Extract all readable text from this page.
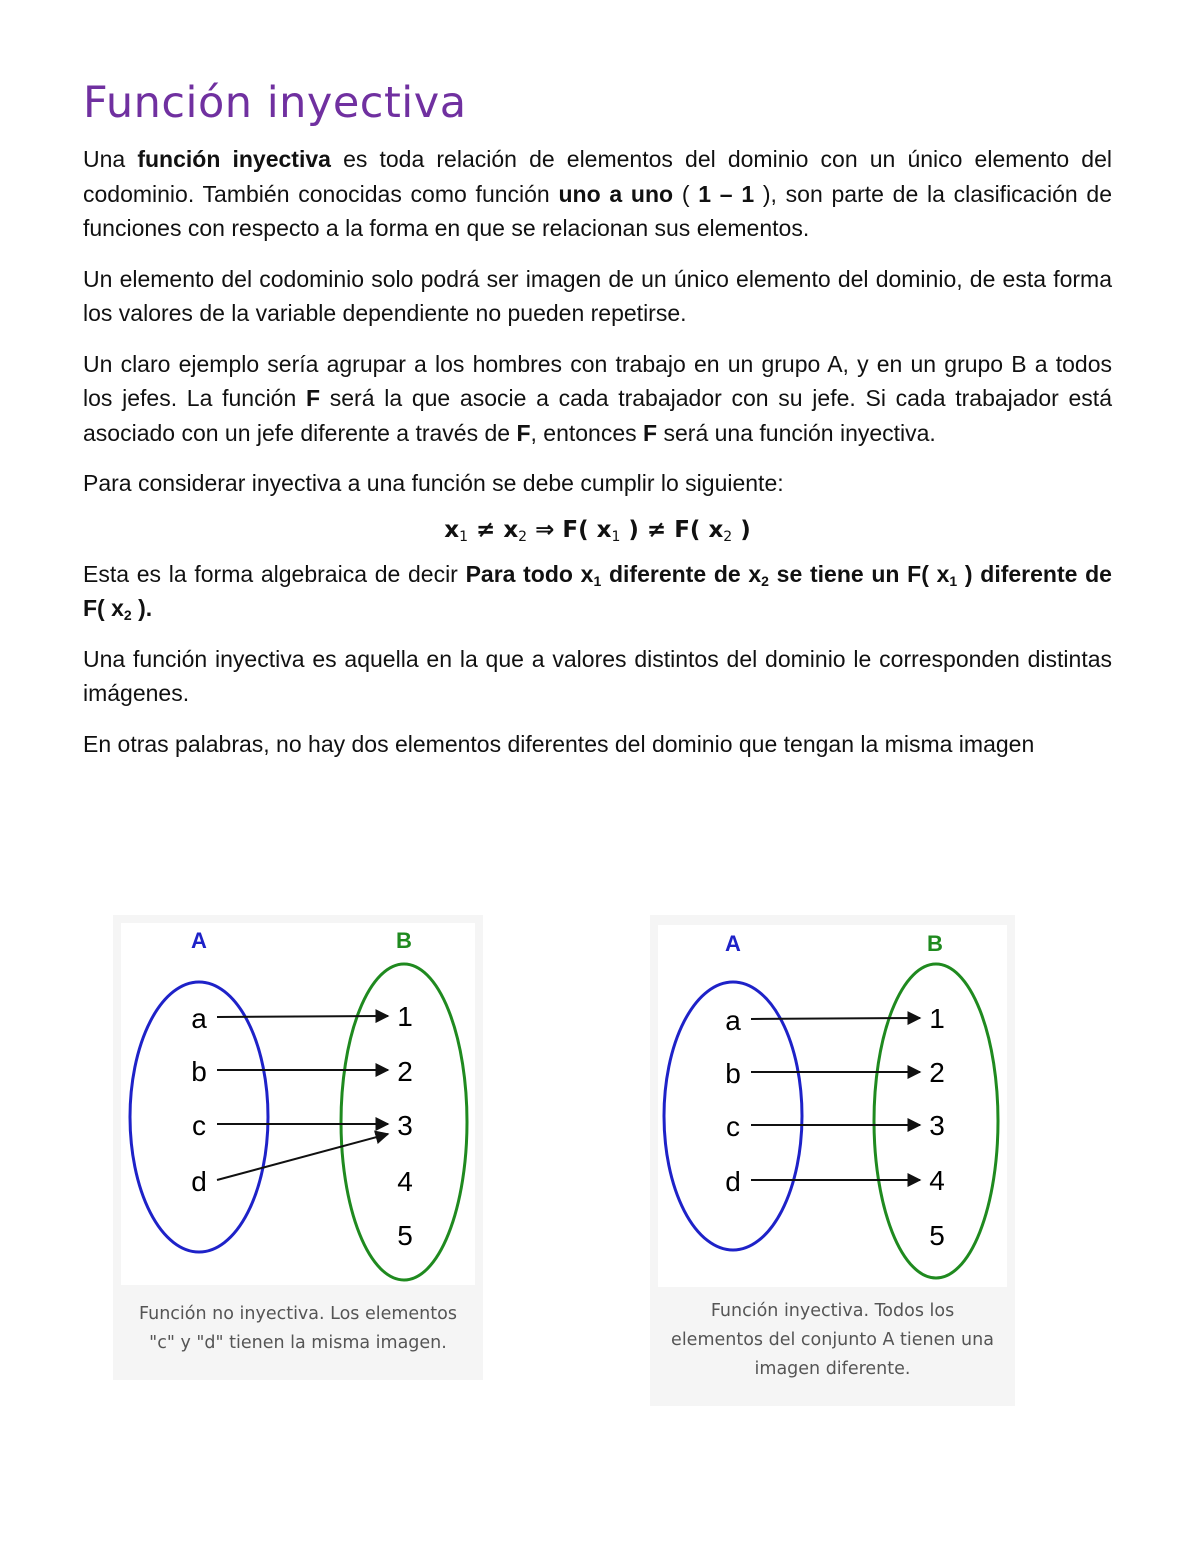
Función inyectiva

Una función inyectiva es toda relación de elementos del dominio con un único elemento del codominio. También conocidas como función uno a uno ( 1 – 1 ), son parte de la clasificación de funciones con respecto a la forma en que se relacionan sus elementos.

Un elemento del codominio solo podrá ser imagen de un único elemento del dominio, de esta forma los valores de la variable dependiente no pueden repetirse.

Un claro ejemplo sería agrupar a los hombres con trabajo en un grupo A, y en un grupo B a todos los jefes. La función F será la que asocie a cada trabajador con su jefe. Si cada trabajador está asociado con un jefe diferente a través de F, entonces F será una función inyectiva.

Para considerar inyectiva a una función se debe cumplir lo siguiente:

$x_1 \ne x_2$ ⇒ F( $x_1$ ) ≠ F( $x_2$ )

Esta es la forma algebraica de decir Para todo $x_1$ diferente de $x_2$ se tiene un F( $x_1$ ) diferente de F( $x_2$ ).

Una función inyectiva es aquella en la que a valores distintos del dominio le corresponden distintas imágenes.

En otras palabras, no hay dos elementos diferentes del dominio que tengan la misma imagen

A	B
a
b
c
d
1
2
3
4
5
Función no inyectiva. Los elementos
"c" y "d" tienen la misma imagen.
A	B
a
b
c
d
1
2
3
4
5
Función inyectiva. Todos los
elementos del conjunto A tienen una
imagen diferente.
